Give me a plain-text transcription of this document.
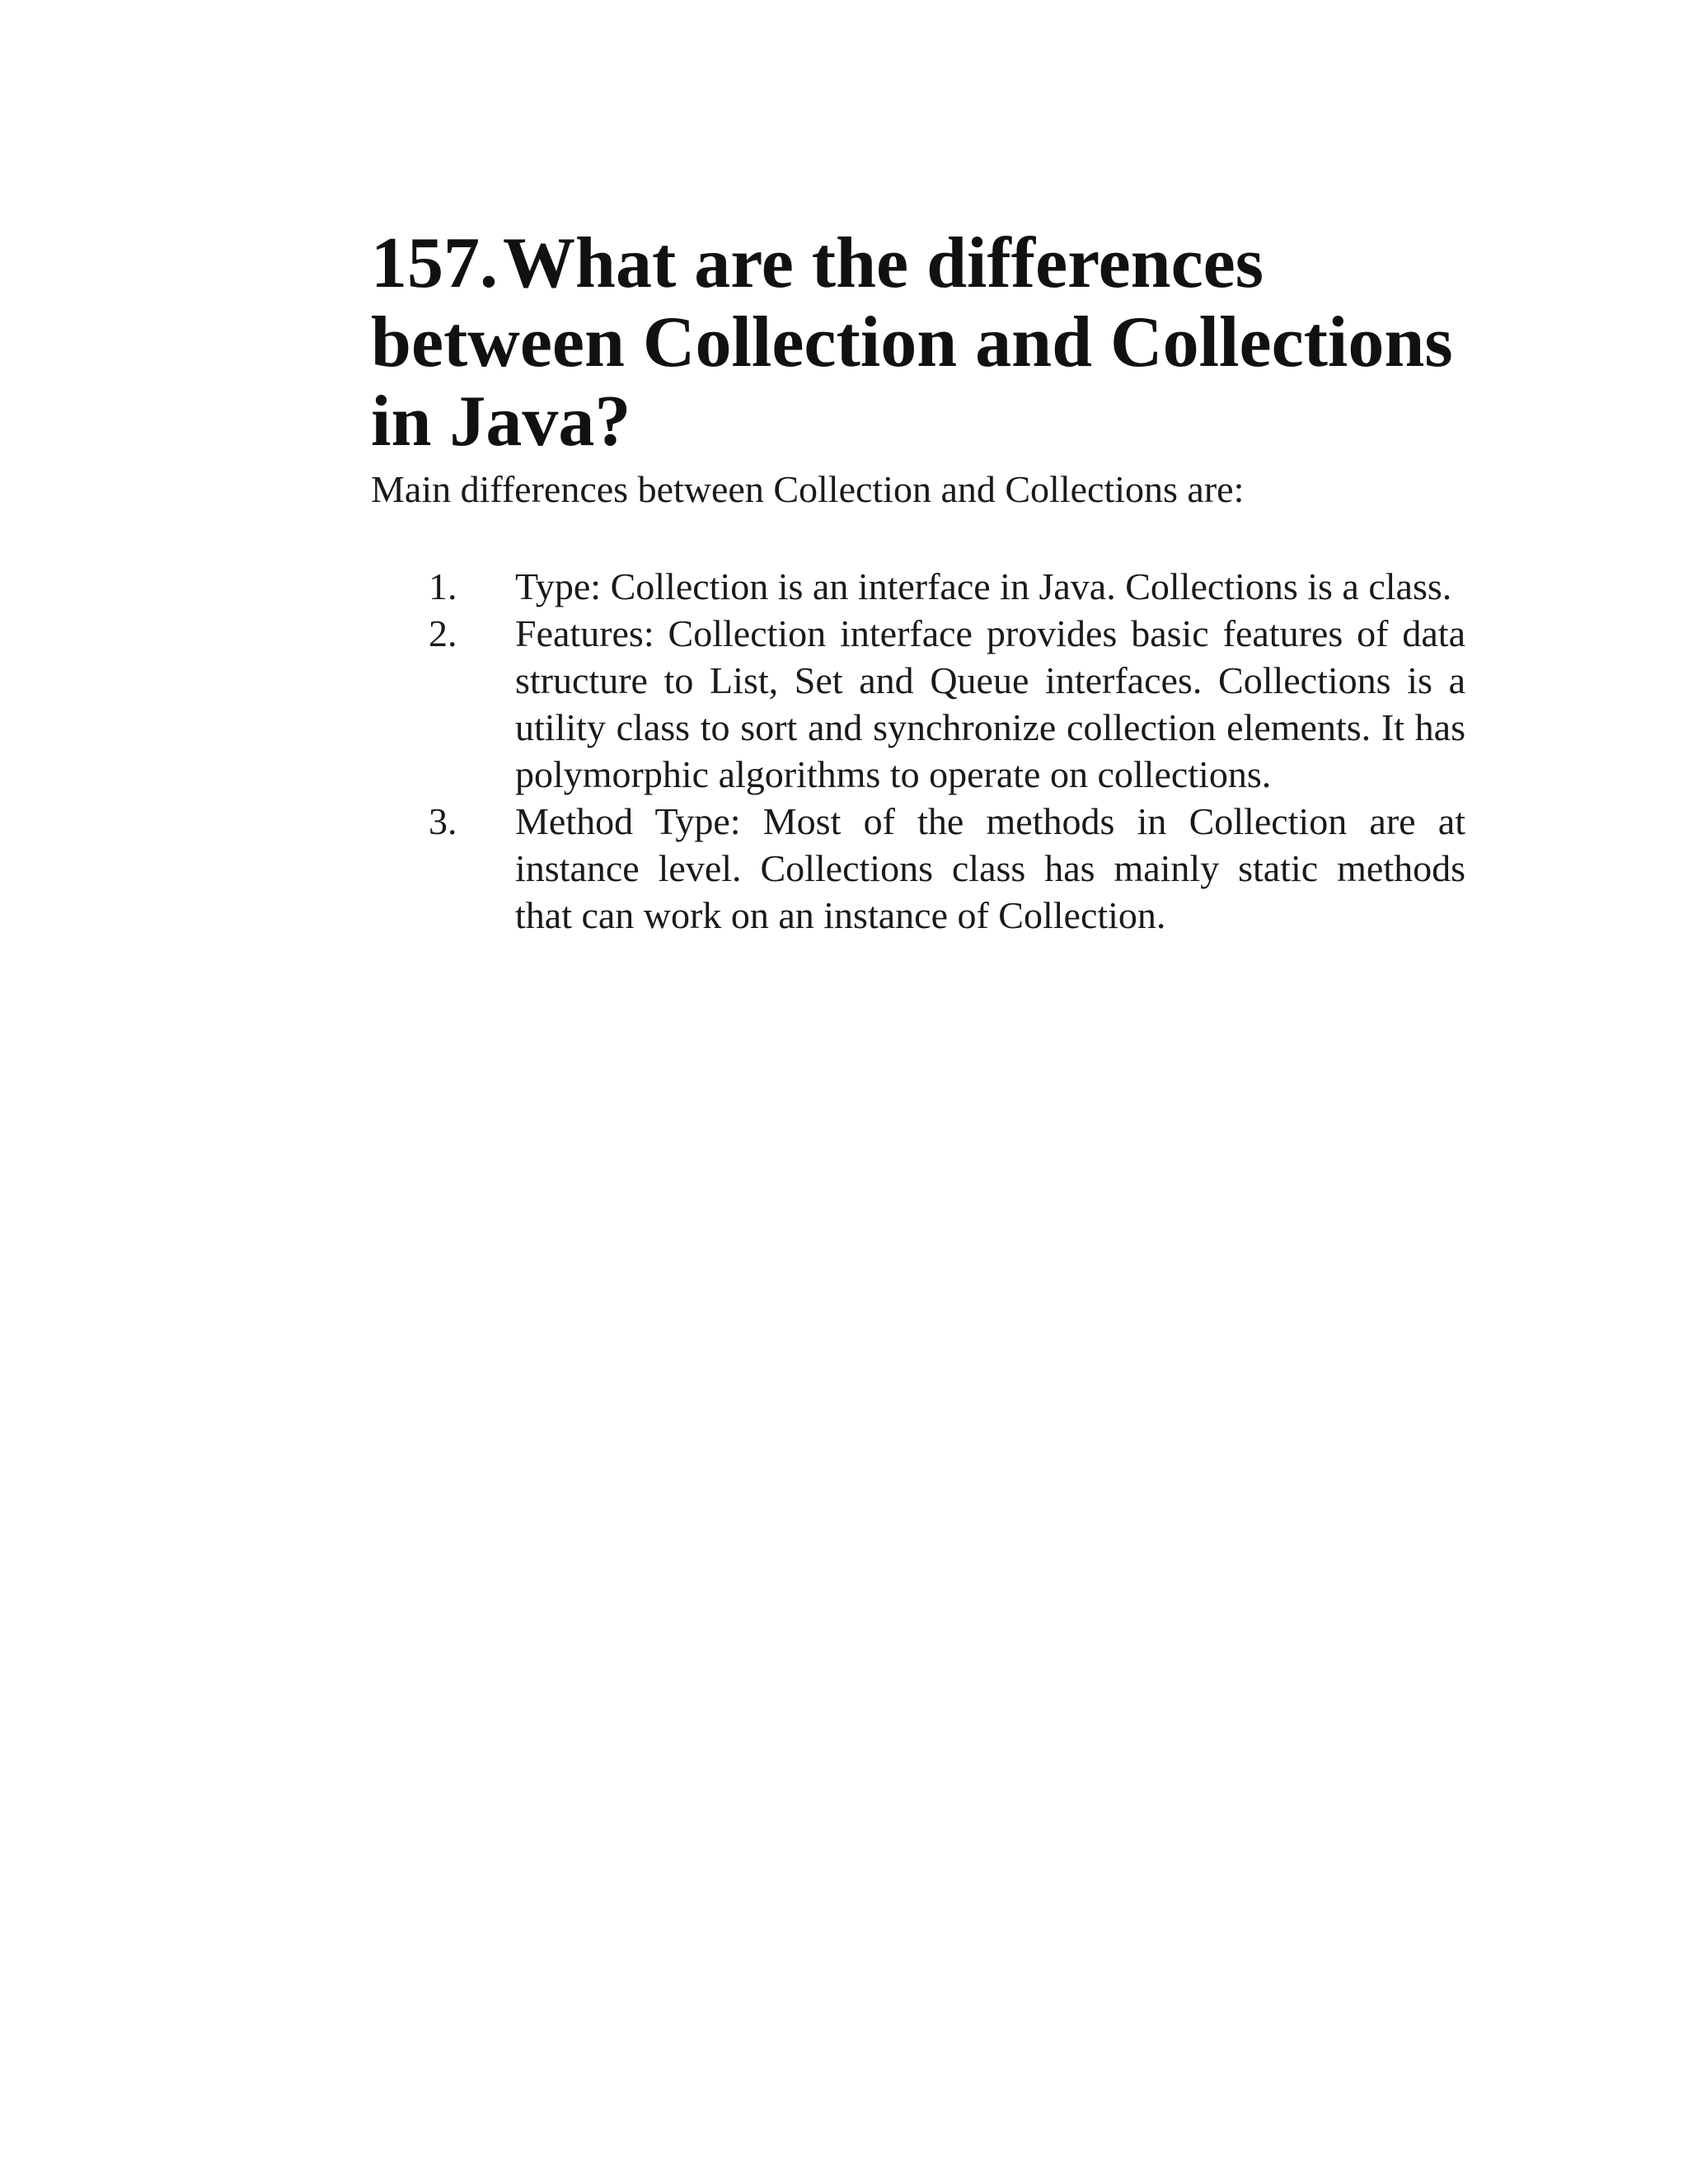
157.What are the differences between Collection and Collections in Java?

Main differences between Collection and Collections are:

1. Type: Collection is an interface in Java. Collections is a class.
2. Features: Collection interface provides basic features of data structure to List, Set and Queue interfaces. Collections is a utility class to sort and synchronize collection elements. It has polymorphic algorithms to operate on collections.
3. Method Type: Most of the methods in Collection are at instance level. Collections class has mainly static methods that can work on an instance of Collection.
